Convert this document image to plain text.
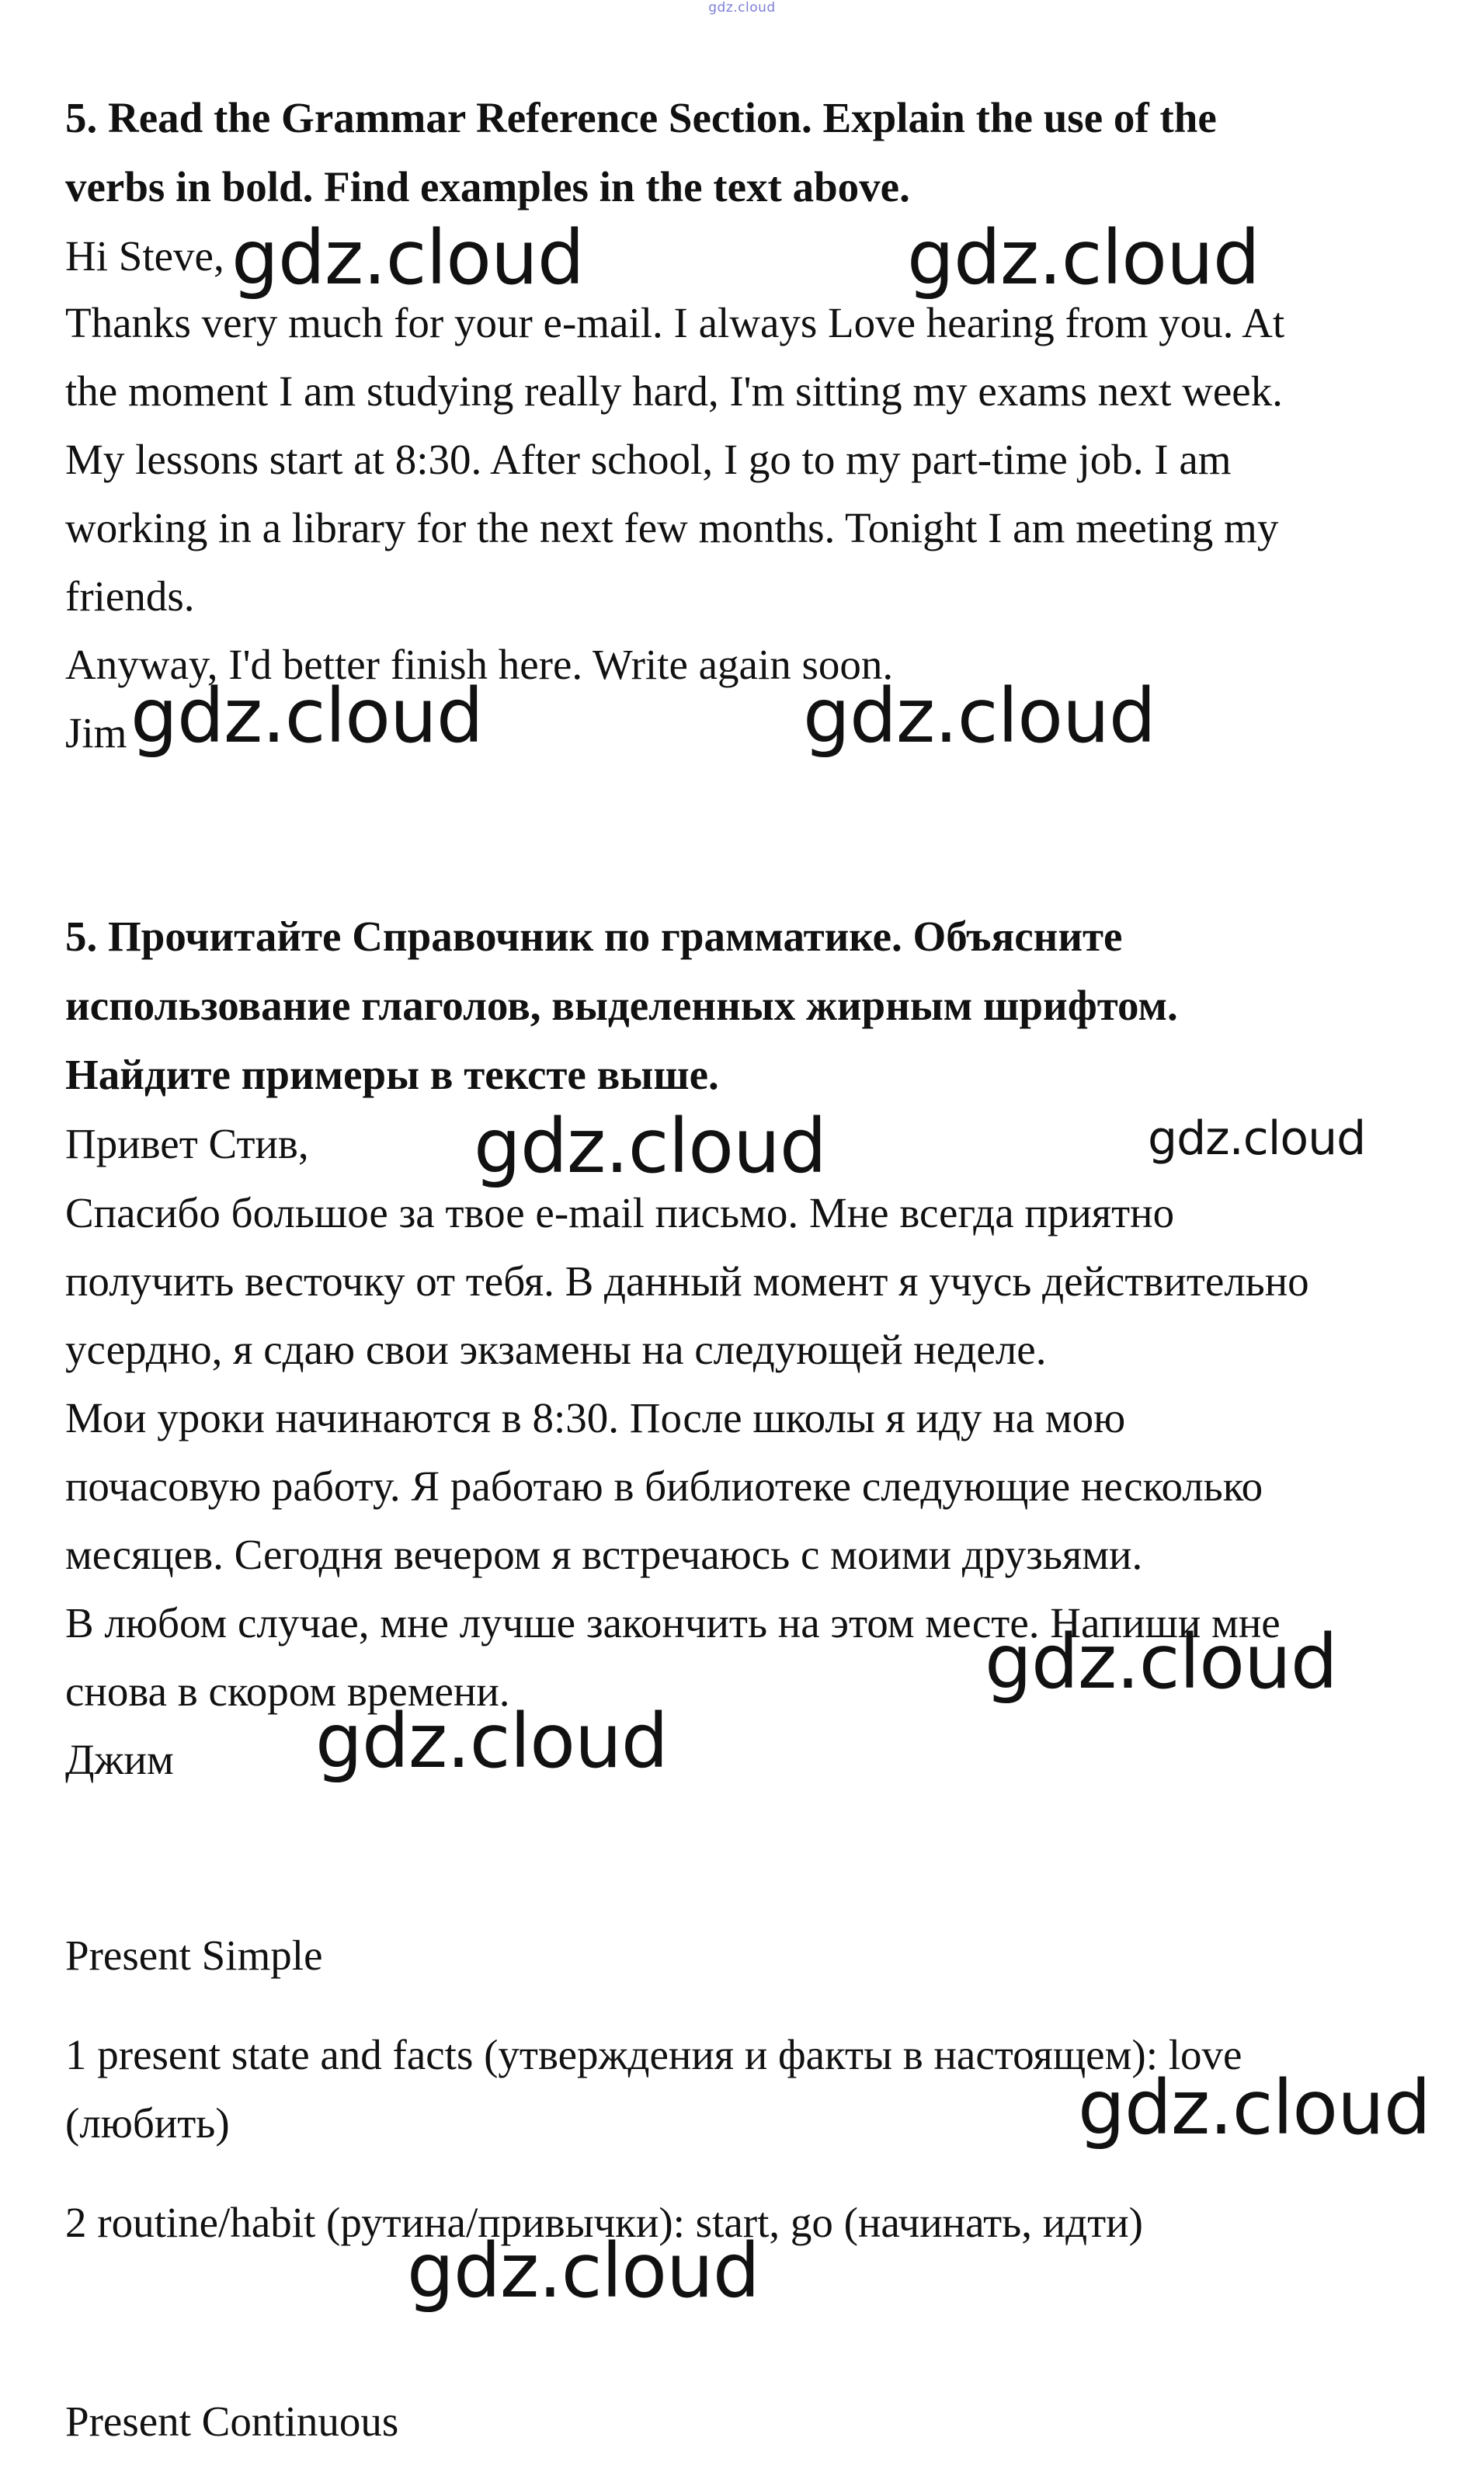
gdz.cloud
5. Read the Grammar Reference Section. Explain the use of the
verbs in bold. Find examples in the text above.
Hi Steve,
Thanks very much for your e-mail. I always Love hearing from you. At
the moment I am studying really hard, I'm sitting my exams next week.
My lessons start at 8:30. After school, I go to my part-time job. I am
working in a library for the next few months. Tonight I am meeting my
friends.
Anyway, I'd better finish here. Write again soon.
Jim
5. Прочитайте Справочник по грамматике. Объясните
использование глаголов, выделенных жирным шрифтом.
Найдите примеры в тексте выше.
Привет Стив,
Спасибо большое за твое e-mail письмо. Мне всегда приятно
получить весточку от тебя. В данный момент я учусь действительно
усердно, я сдаю свои экзамены на следующей неделе.
Мои уроки начинаются в 8:30. После школы я иду на мою
почасовую работу. Я работаю в библиотеке следующие несколько
месяцев. Сегодня вечером я встречаюсь с моими друзьями.
В любом случае, мне лучше закончить на этом месте. Напиши мне
снова в скором времени.
Джим
Present Simple
1 present state and facts (утверждения и факты в настоящем): love
(любить)
2 routine/habit (рутина/привычки): start, go (начинать, идти)
Present Continuous
gdz.cloud	gdz.cloud
gdz.cloud	gdz.cloud
gdz.cloud	gdz.cloud
gdz.cloud
gdz.cloud
gdz.cloud
gdz.cloud
